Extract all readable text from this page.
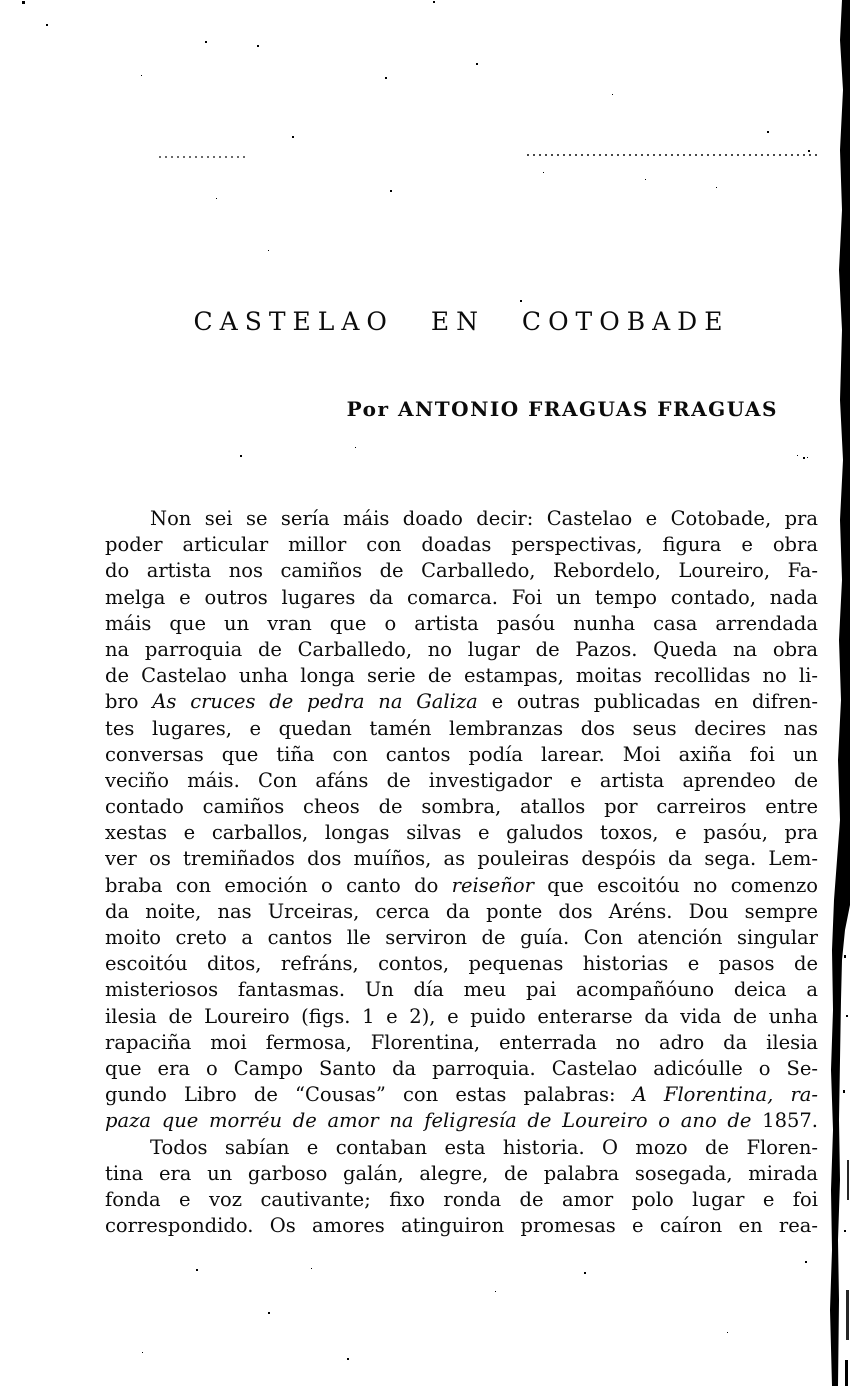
CASTELAO EN COTOBADE
Por ANTONIO FRAGUAS FRAGUAS
Non sei se sería máis doado decir: Castelao e Cotobade, pra
poder articular millor con doadas perspectivas, figura e obra
do artista nos camiños de Carballedo, Rebordelo, Loureiro, Fa-
melga e outros lugares da comarca. Foi un tempo contado, nada
máis que un vran que o artista pasóu nunha casa arrendada
na parroquia de Carballedo, no lugar de Pazos. Queda na obra
de Castelao unha longa serie de estampas, moitas recollidas no li-
bro As cruces de pedra na Galiza e outras publicadas en difren-
tes lugares, e quedan tamén lembranzas dos seus decires nas
conversas que tiña con cantos podía larear. Moi axiña foi un
veciño máis. Con afáns de investigador e artista aprendeo de
contado camiños cheos de sombra, atallos por carreiros entre
xestas e carballos, longas silvas e galudos toxos, e pasóu, pra
ver os tremiñados dos muíños, as pouleiras despóis da sega. Lem-
braba con emoción o canto do reiseñor que escoitóu no comenzo
da noite, nas Urceiras, cerca da ponte dos Aréns. Dou sempre
moito creto a cantos lle serviron de guía. Con atención singular
escoitóu ditos, refráns, contos, pequenas historias e pasos de
misteriosos fantasmas. Un día meu pai acompañóuno deica a
ilesia de Loureiro (figs. 1 e 2), e puido enterarse da vida de unha
rapaciña moi fermosa, Florentina, enterrada no adro da ilesia
que era o Campo Santo da parroquia. Castelao adicóulle o Se-
gundo Libro de “Cousas” con estas palabras: A Florentina, ra-
paza que morréu de amor na feligresía de Loureiro o ano de 1857.
Todos sabían e contaban esta historia. O mozo de Floren-
tina era un garboso galán, alegre, de palabra sosegada, mirada
fonda e voz cautivante; fixo ronda de amor polo lugar e foi
correspondido. Os amores atinguiron promesas e caíron en rea-
